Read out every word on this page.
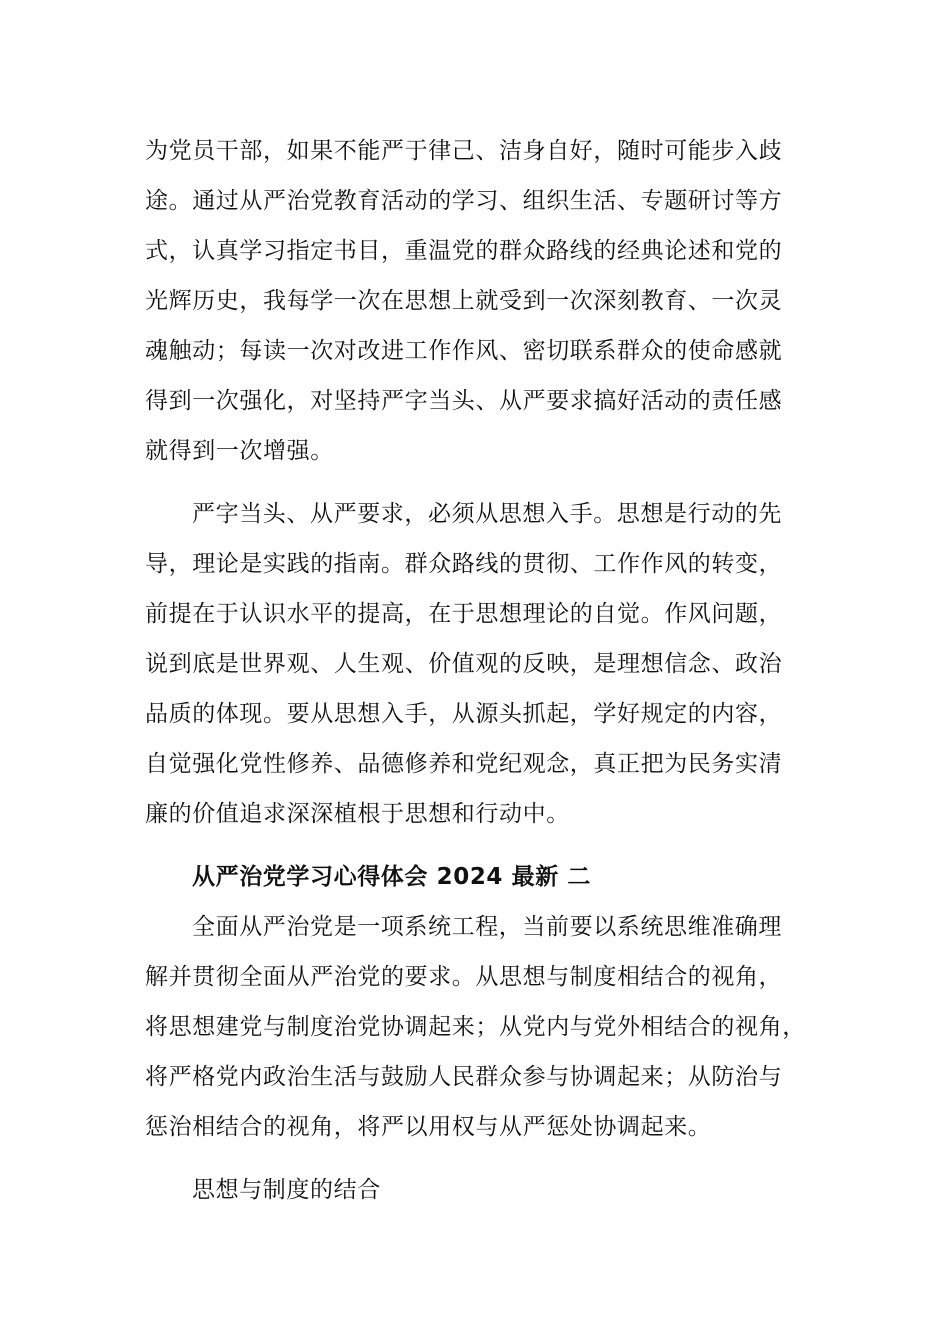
为党员干部，如果不能严于律己、洁身自好，随时可能步入歧
途。通过从严治党教育活动的学习、组织生活、专题研讨等方
式，认真学习指定书目，重温党的群众路线的经典论述和党的
光辉历史，我每学一次在思想上就受到一次深刻教育、一次灵
魂触动；每读一次对改进工作作风、密切联系群众的使命感就
得到一次强化，对坚持严字当头、从严要求搞好活动的责任感
就得到一次增强。
严字当头、从严要求，必须从思想入手。思想是行动的先
导，理论是实践的指南。群众路线的贯彻、工作作风的转变，
前提在于认识水平的提高，在于思想理论的自觉。作风问题，
说到底是世界观、人生观、价值观的反映，是理想信念、政治
品质的体现。要从思想入手，从源头抓起，学好规定的内容，
自觉强化党性修养、品德修养和党纪观念，真正把为民务实清
廉的价值追求深深植根于思想和行动中。
从严治党学习心得体会 2024 最新 二
全面从严治党是一项系统工程，当前要以系统思维准确理
解并贯彻全面从严治党的要求。从思想与制度相结合的视角，
将思想建党与制度治党协调起来；从党内与党外相结合的视角，
将严格党内政治生活与鼓励人民群众参与协调起来；从防治与
惩治相结合的视角，将严以用权与从严惩处协调起来。
思想与制度的结合
